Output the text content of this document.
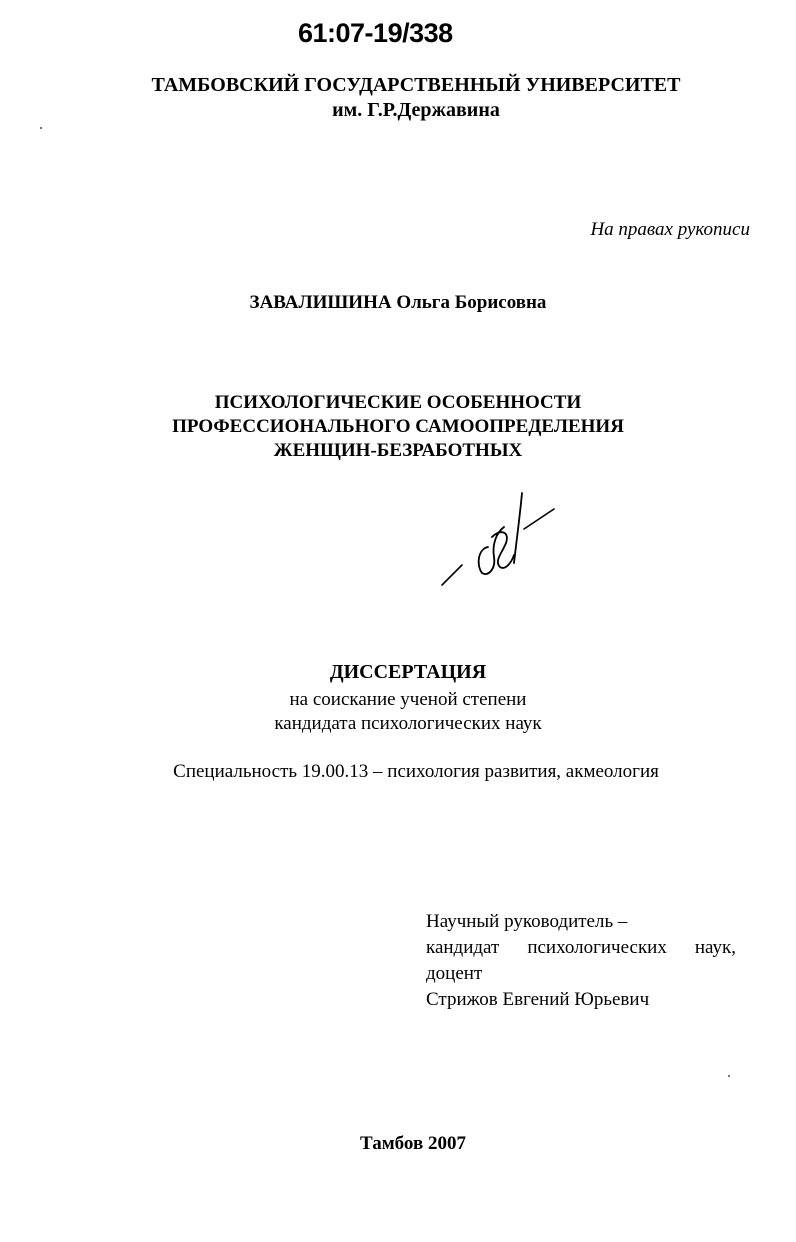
61:07-19/338
ТАМБОВСКИЙ ГОСУДАРСТВЕННЫЙ УНИВЕРСИТЕТ
им. Г.Р.Державина
На правах рукописи
ЗАВАЛИШИНА Ольга Борисовна
ПСИХОЛОГИЧЕСКИЕ ОСОБЕННОСТИ
ПРОФЕССИОНАЛЬНОГО САМООПРЕДЕЛЕНИЯ
ЖЕНЩИН-БЕЗРАБОТНЫХ
ДИССЕРТАЦИЯ
на соискание ученой степени
кандидата психологических наук
Специальность 19.00.13 – психология развития, акмеология
Научный руководитель –
кандидат психологических наук,
доцент
Стрижов Евгений Юрьевич
Тамбов 2007
